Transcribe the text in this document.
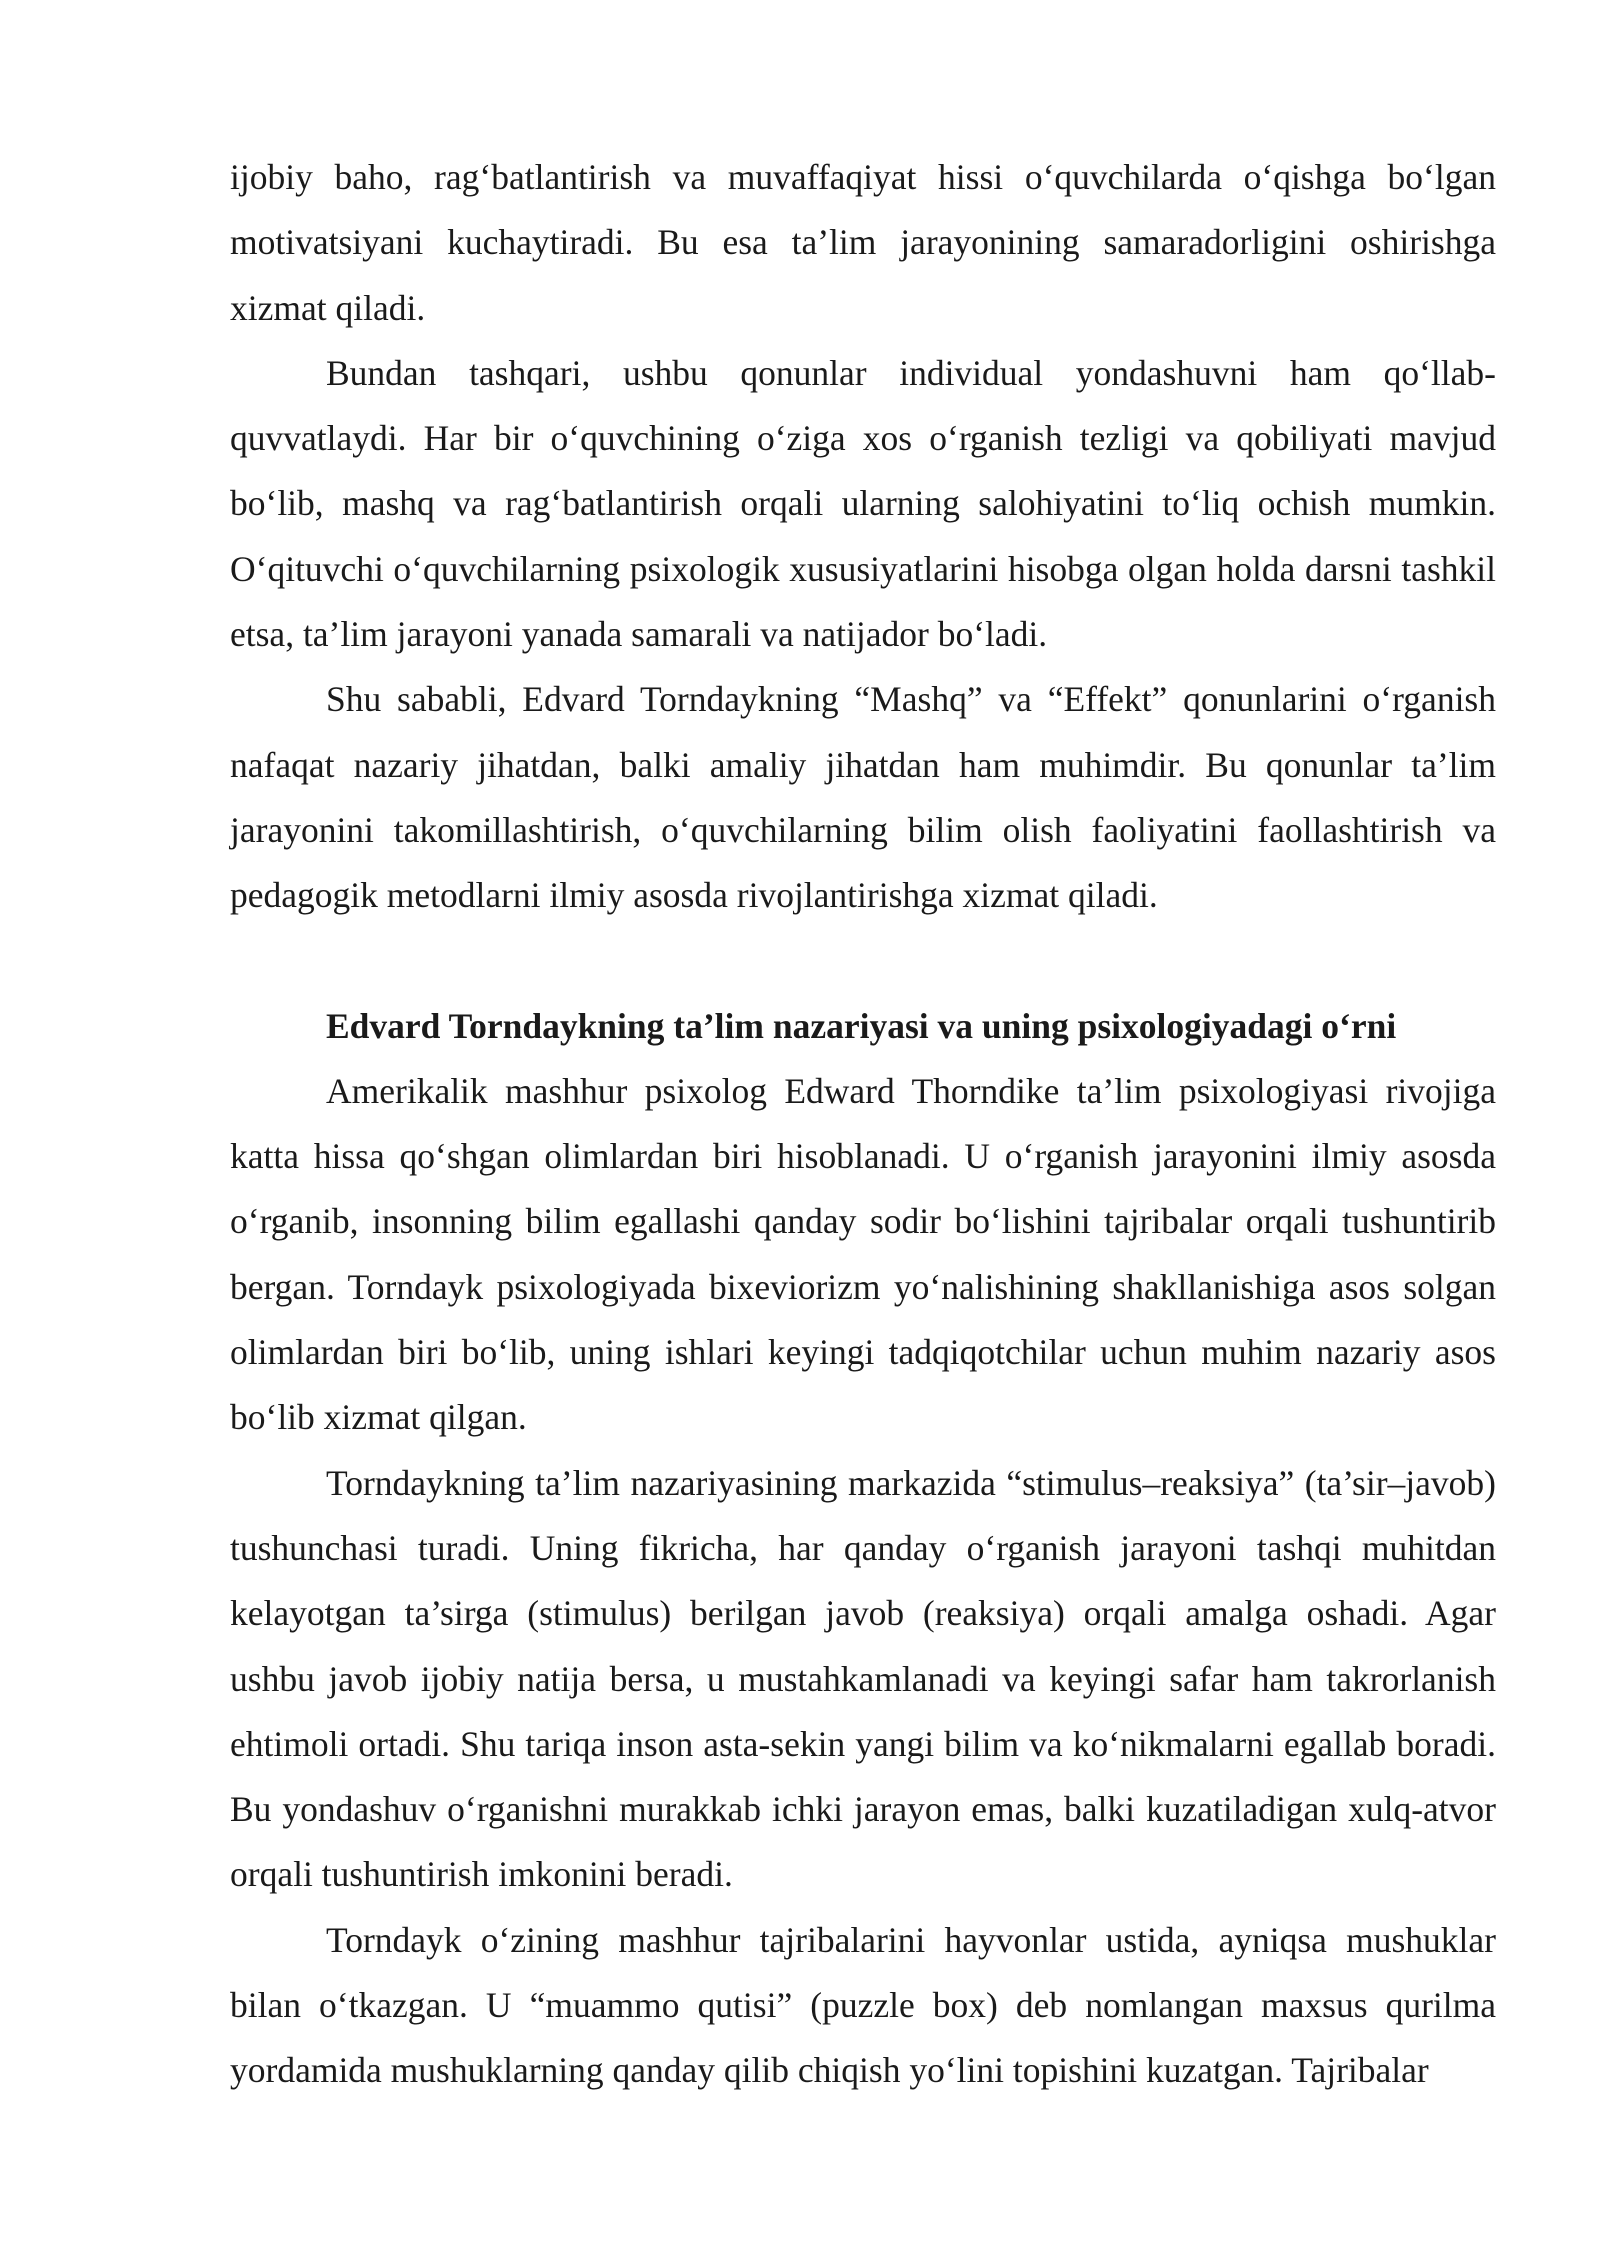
ijobiy baho, rag‘batlantirish va muvaffaqiyat hissi o‘quvchilarda o‘qishga bo‘lgan motivatsiyani kuchaytiradi. Bu esa ta’lim jarayonining samaradorligini oshirishga xizmat qiladi.

Bundan tashqari, ushbu qonunlar individual yondashuvni ham qo‘llab-quvvatlaydi. Har bir o‘quvchining o‘ziga xos o‘rganish tezligi va qobiliyati mavjud bo‘lib, mashq va rag‘batlantirish orqali ularning salohiyatini to‘liq ochish mumkin. O‘qituvchi o‘quvchilarning psixologik xususiyatlarini hisobga olgan holda darsni tashkil etsa, ta’lim jarayoni yanada samarali va natijador bo‘ladi.

Shu sababli, Edvard Torndaykning “Mashq” va “Effekt” qonunlarini o‘rganish nafaqat nazariy jihatdan, balki amaliy jihatdan ham muhimdir. Bu qonunlar ta’lim jarayonini takomillashtirish, o‘quvchilarning bilim olish faoliyatini faollashtirish va pedagogik metodlarni ilmiy asosda rivojlantirishga xizmat qiladi.

Edvard Torndaykning ta’lim nazariyasi va uning psixologiyadagi o‘rni

Amerikalik mashhur psixolog Edward Thorndike ta’lim psixologiyasi rivojiga katta hissa qo‘shgan olimlardan biri hisoblanadi. U o‘rganish jarayonini ilmiy asosda o‘rganib, insonning bilim egallashi qanday sodir bo‘lishini tajribalar orqali tushuntirib bergan. Torndayk psixologiyada bixeviorizm yo‘nalishining shakllanishiga asos solgan olimlardan biri bo‘lib, uning ishlari keyingi tadqiqotchilar uchun muhim nazariy asos bo‘lib xizmat qilgan.

Torndaykning ta’lim nazariyasining markazida “stimulus–reaksiya” (ta’sir–javob) tushunchasi turadi. Uning fikricha, har qanday o‘rganish jarayoni tashqi muhitdan kelayotgan ta’sirga (stimulus) berilgan javob (reaksiya) orqali amalga oshadi. Agar ushbu javob ijobiy natija bersa, u mustahkamlanadi va keyingi safar ham takrorlanish ehtimoli ortadi. Shu tariqa inson asta-sekin yangi bilim va ko‘nikmalarni egallab boradi. Bu yondashuv o‘rganishni murakkab ichki jarayon emas, balki kuzatiladigan xulq-atvor orqali tushuntirish imkonini beradi.

Torndayk o‘zining mashhur tajribalarini hayvonlar ustida, ayniqsa mushuklar bilan o‘tkazgan. U “muammo qutisi” (puzzle box) deb nomlangan maxsus qurilma yordamida mushuklarning qanday qilib chiqish yo‘lini topishini kuzatgan. Tajribalar
